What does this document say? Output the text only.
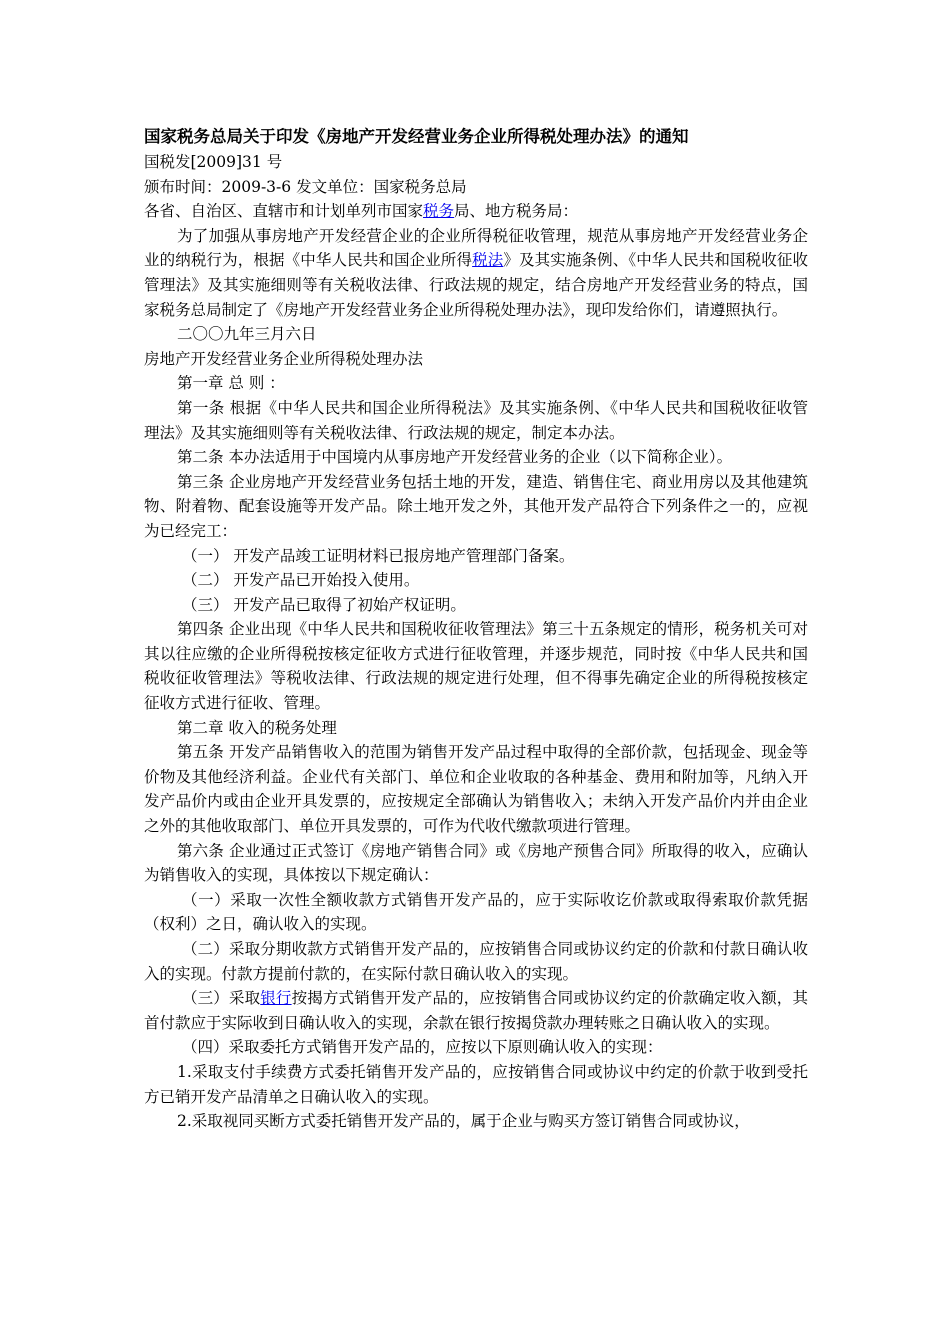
国家税务总局关于印发《房地产开发经营业务企业所得税处理办法》的通知

国税发[2009]31 号

颁布时间：2009-3-6 发文单位：国家税务总局

各省、自治区、直辖市和计划单列市国家税务局、地方税务局：

为了加强从事房地产开发经营企业的企业所得税征收管理，规范从事房地产开发经营业务企业的纳税行为，根据《中华人民共和国企业所得税法》及其实施条例、《中华人民共和国税收征收管理法》及其实施细则等有关税收法律、行政法规的规定，结合房地产开发经营业务的特点，国家税务总局制定了《房地产开发经营业务企业所得税处理办法》，现印发给你们，请遵照执行。

二〇〇九年三月六日

房地产开发经营业务企业所得税处理办法

第一章 总 则 ：

第一条 根据《中华人民共和国企业所得税法》及其实施条例、《中华人民共和国税收征收管理法》及其实施细则等有关税收法律、行政法规的规定，制定本办法。

第二条 本办法适用于中国境内从事房地产开发经营业务的企业（以下简称企业）。

第三条 企业房地产开发经营业务包括土地的开发，建造、销售住宅、商业用房以及其他建筑物、附着物、配套设施等开发产品。除土地开发之外，其他开发产品符合下列条件之一的，应视为已经完工：

（一） 开发产品竣工证明材料已报房地产管理部门备案。

（二） 开发产品已开始投入使用。

（三） 开发产品已取得了初始产权证明。

第四条 企业出现《中华人民共和国税收征收管理法》第三十五条规定的情形，税务机关可对其以往应缴的企业所得税按核定征收方式进行征收管理，并逐步规范，同时按《中华人民共和国税收征收管理法》等税收法律、行政法规的规定进行处理，但不得事先确定企业的所得税按核定征收方式进行征收、管理。

第二章 收入的税务处理

第五条 开发产品销售收入的范围为销售开发产品过程中取得的全部价款，包括现金、现金等价物及其他经济利益。企业代有关部门、单位和企业收取的各种基金、费用和附加等，凡纳入开发产品价内或由企业开具发票的，应按规定全部确认为销售收入；未纳入开发产品价内并由企业之外的其他收取部门、单位开具发票的，可作为代收代缴款项进行管理。

第六条 企业通过正式签订《房地产销售合同》或《房地产预售合同》所取得的收入，应确认为销售收入的实现，具体按以下规定确认：

（一）采取一次性全额收款方式销售开发产品的，应于实际收讫价款或取得索取价款凭据（权利）之日，确认收入的实现。

（二）采取分期收款方式销售开发产品的，应按销售合同或协议约定的价款和付款日确认收入的实现。付款方提前付款的，在实际付款日确认收入的实现。

（三）采取银行按揭方式销售开发产品的，应按销售合同或协议约定的价款确定收入额，其首付款应于实际收到日确认收入的实现，余款在银行按揭贷款办理转账之日确认收入的实现。

（四）采取委托方式销售开发产品的，应按以下原则确认收入的实现：

1.采取支付手续费方式委托销售开发产品的，应按销售合同或协议中约定的价款于收到受托方已销开发产品清单之日确认收入的实现。

2.采取视同买断方式委托销售开发产品的，属于企业与购买方签订销售合同或协议，
